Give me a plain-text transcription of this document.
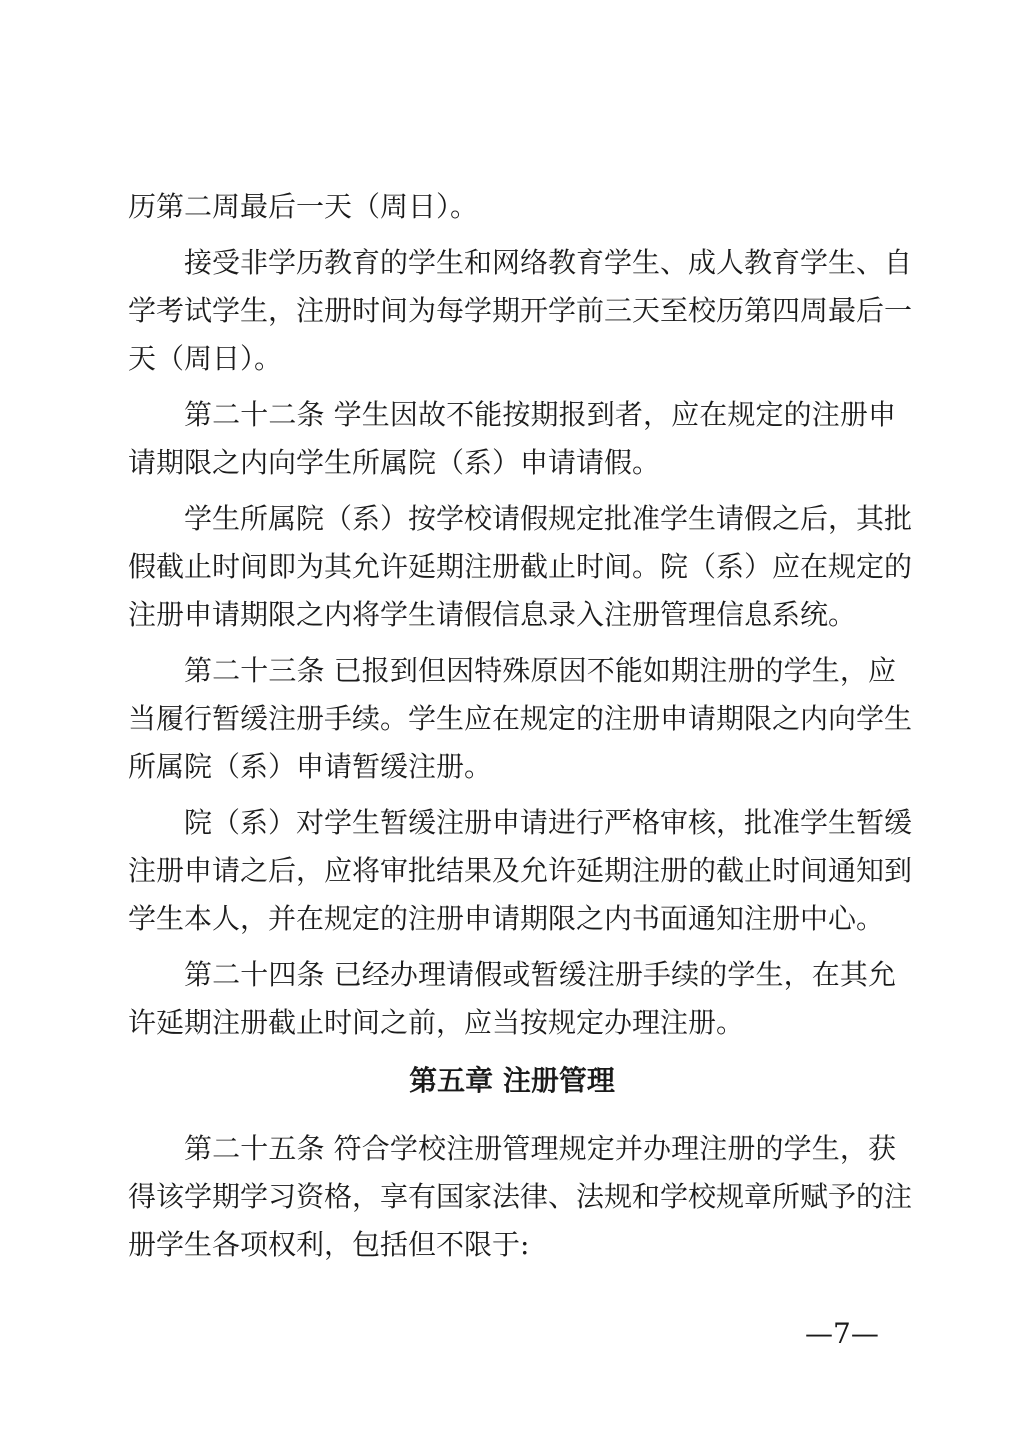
历第二周最后一天（周日）。
接受非学历教育的学生和网络教育学生、成人教育学生、自
学考试学生，注册时间为每学期开学前三天至校历第四周最后一
天（周日）。
第二十二条 学生因故不能按期报到者，应在规定的注册申
请期限之内向学生所属院（系）申请请假。
学生所属院（系）按学校请假规定批准学生请假之后，其批
假截止时间即为其允许延期注册截止时间。院（系）应在规定的
注册申请期限之内将学生请假信息录入注册管理信息系统。
第二十三条 已报到但因特殊原因不能如期注册的学生，应
当履行暂缓注册手续。学生应在规定的注册申请期限之内向学生
所属院（系）申请暂缓注册。
院（系）对学生暂缓注册申请进行严格审核，批准学生暂缓
注册申请之后，应将审批结果及允许延期注册的截止时间通知到
学生本人，并在规定的注册申请期限之内书面通知注册中心。
第二十四条 已经办理请假或暂缓注册手续的学生，在其允
许延期注册截止时间之前，应当按规定办理注册。
第五章 注册管理
第二十五条 符合学校注册管理规定并办理注册的学生，获
得该学期学习资格，享有国家法律、法规和学校规章所赋予的注
册学生各项权利，包括但不限于:
—7—
